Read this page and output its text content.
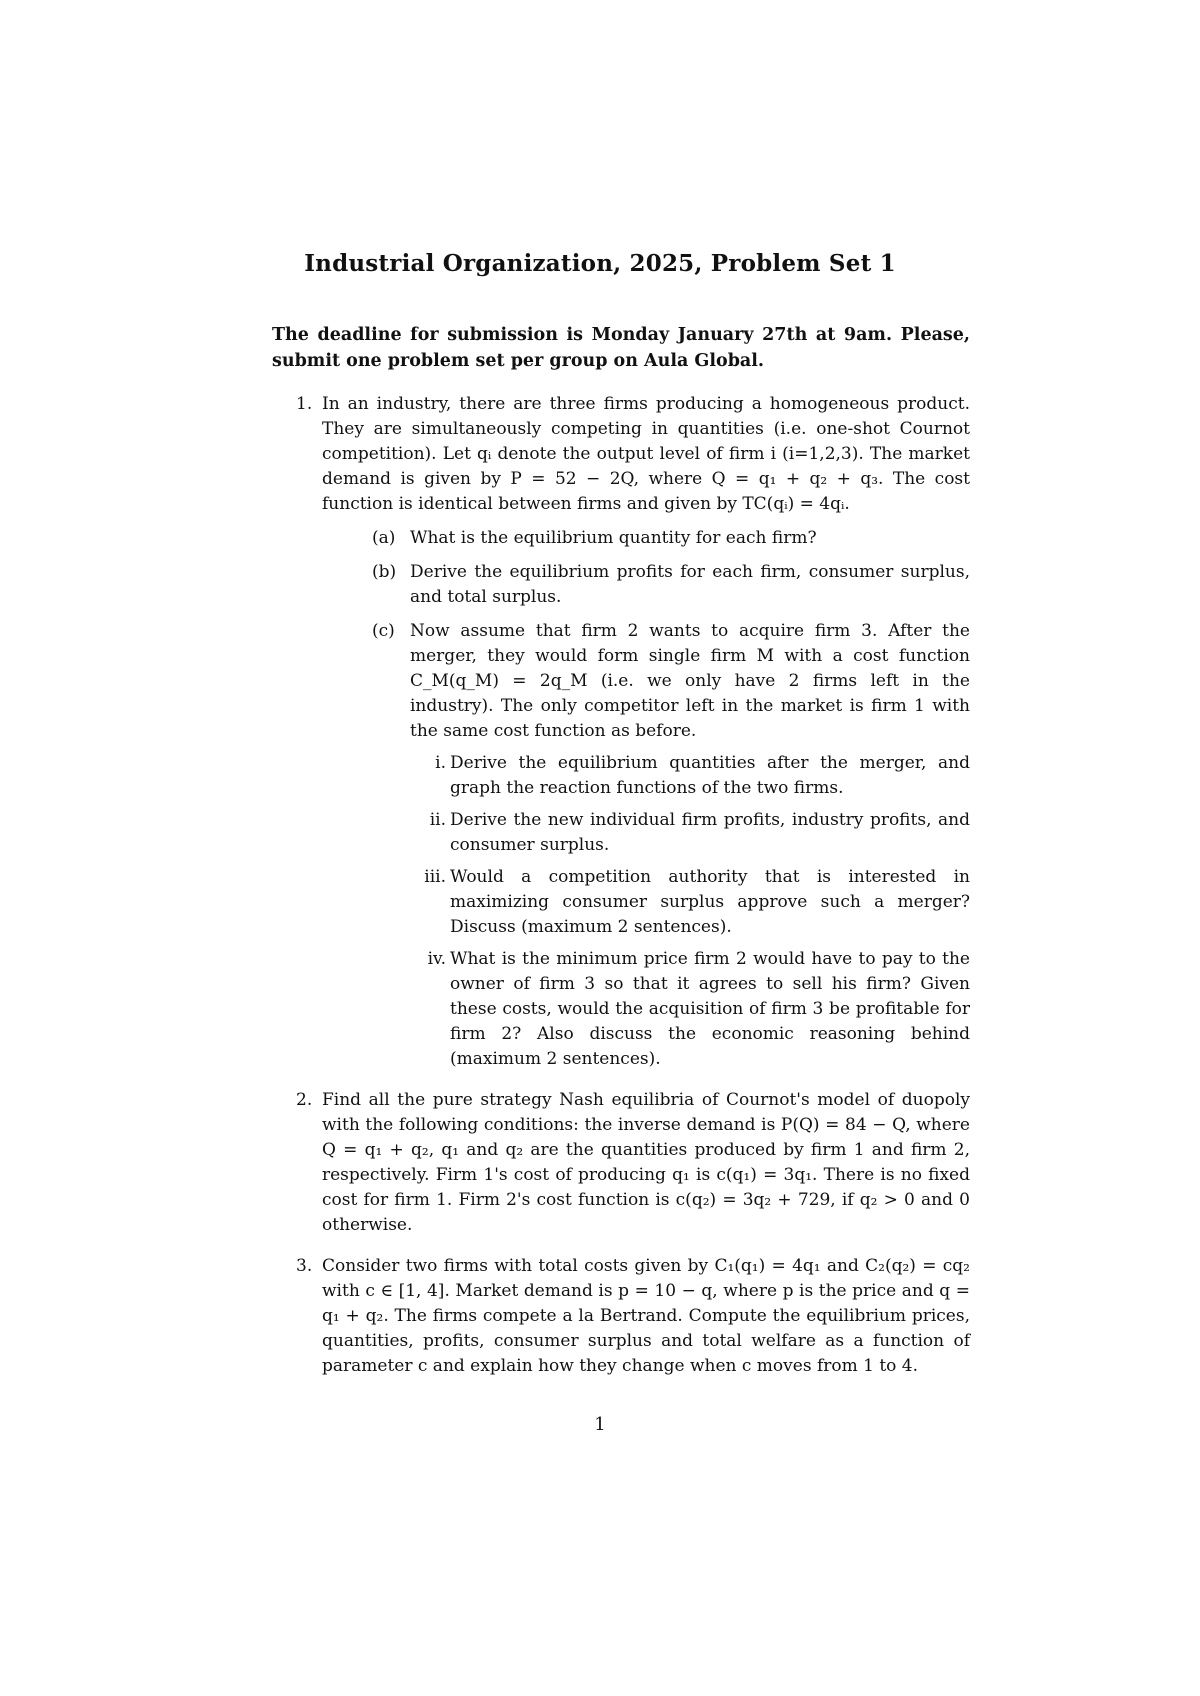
Industrial Organization, 2025, Problem Set 1
The deadline for submission is Monday January 27th at 9am. Please, submit one problem set per group on Aula Global.
1. In an industry, there are three firms producing a homogeneous product. They are simultaneously competing in quantities (i.e. one-shot Cournot competition). Let qᵢ denote the output level of firm i (i=1,2,3). The market demand is given by P = 52 − 2Q, where Q = q₁ + q₂ + q₃. The cost function is identical between firms and given by TC(qᵢ) = 4qᵢ.
(a) What is the equilibrium quantity for each firm?
(b) Derive the equilibrium profits for each firm, consumer surplus, and total surplus.
(c) Now assume that firm 2 wants to acquire firm 3. After the merger, they would form single firm M with a cost function C_M(q_M) = 2q_M (i.e. we only have 2 firms left in the industry). The only competitor left in the market is firm 1 with the same cost function as before.
i. Derive the equilibrium quantities after the merger, and graph the reaction functions of the two firms.
ii. Derive the new individual firm profits, industry profits, and consumer surplus.
iii. Would a competition authority that is interested in maximizing consumer surplus approve such a merger? Discuss (maximum 2 sentences).
iv. What is the minimum price firm 2 would have to pay to the owner of firm 3 so that it agrees to sell his firm? Given these costs, would the acquisition of firm 3 be profitable for firm 2? Also discuss the economic reasoning behind (maximum 2 sentences).
2. Find all the pure strategy Nash equilibria of Cournot's model of duopoly with the following conditions: the inverse demand is P(Q) = 84 − Q, where Q = q₁ + q₂, q₁ and q₂ are the quantities produced by firm 1 and firm 2, respectively. Firm 1's cost of producing q₁ is c(q₁) = 3q₁. There is no fixed cost for firm 1. Firm 2's cost function is c(q₂) = 3q₂ + 729, if q₂ > 0 and 0 otherwise.
3. Consider two firms with total costs given by C₁(q₁) = 4q₁ and C₂(q₂) = cq₂ with c ∈ [1, 4]. Market demand is p = 10 − q, where p is the price and q = q₁ + q₂. The firms compete a la Bertrand. Compute the equilibrium prices, quantities, profits, consumer surplus and total welfare as a function of parameter c and explain how they change when c moves from 1 to 4.
1
